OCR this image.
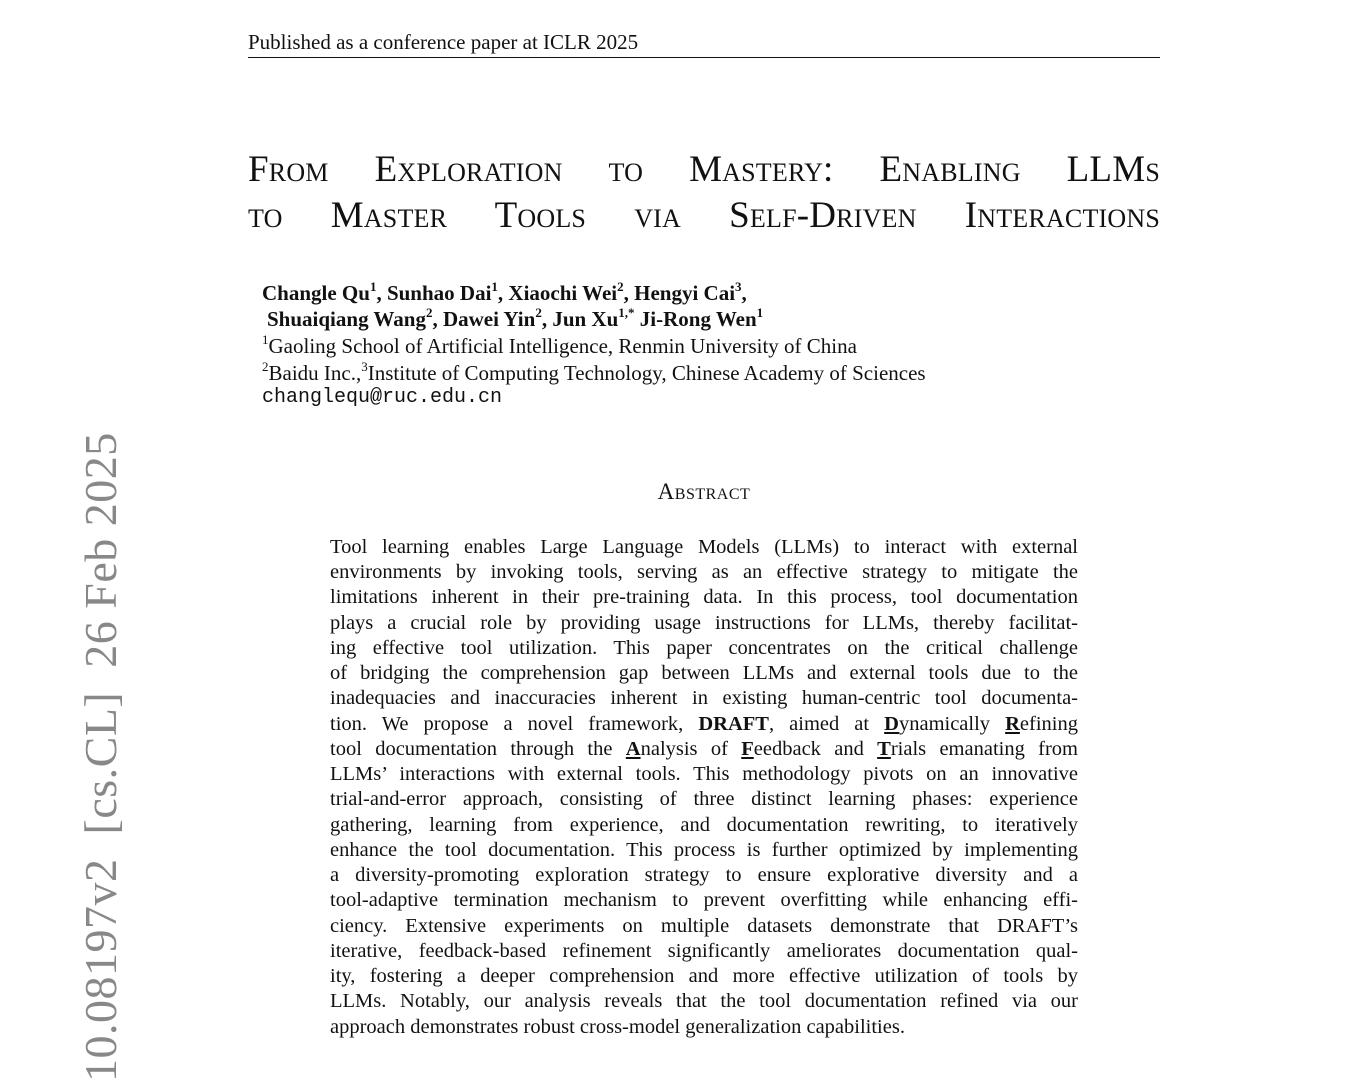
Published as a conference paper at ICLR 2025
From Exploration to Mastery: Enabling LLMs
to Master Tools via Self-Driven Interactions
Changle Qu$^1$, Sunhao Dai$^1$, Xiaochi Wei$^2$, Hengyi Cai$^3$,
Shuaiqiang Wang$^2$, Dawei Yin$^2$, Jun $Xu^{1,*}$ Ji-Rong Wen$^1$
$^1$Gaoling School of Artificial Intelligence, Renmin University of China
$^2$Baidu Inc.,$^3$Institute of Computing Technology, Chinese Academy of Sciences
changlequ@ruc.edu.cn
Abstract
Tool learning enables Large Language Models (LLMs) to interact with external
environments by invoking tools, serving as an effective strategy to mitigate the
limitations inherent in their pre-training data. In this process, tool documentation
plays a crucial role by providing usage instructions for LLMs, thereby facilitat-
ing effective tool utilization. This paper concentrates on the critical challenge
of bridging the comprehension gap between LLMs and external tools due to the
inadequacies and inaccuracies inherent in existing human-centric tool documenta-
tion. We propose a novel framework, DRAFT, aimed at Dynamically Refining
tool documentation through the Analysis of Feedback and Trials emanating from
LLMs’ interactions with external tools. This methodology pivots on an innovative
trial-and-error approach, consisting of three distinct learning phases: experience
gathering, learning from experience, and documentation rewriting, to iteratively
enhance the tool documentation. This process is further optimized by implementing
a diversity-promoting exploration strategy to ensure explorative diversity and a
tool-adaptive termination mechanism to prevent overfitting while enhancing effi-
ciency. Extensive experiments on multiple datasets demonstrate that DRAFT’s
iterative, feedback-based refinement significantly ameliorates documentation qual-
ity, fostering a deeper comprehension and more effective utilization of tools by
LLMs. Notably, our analysis reveals that the tool documentation refined via our
approach demonstrates robust cross-model generalization capabilities.
10.08197v2  [cs.CL]  26 Feb 2025
